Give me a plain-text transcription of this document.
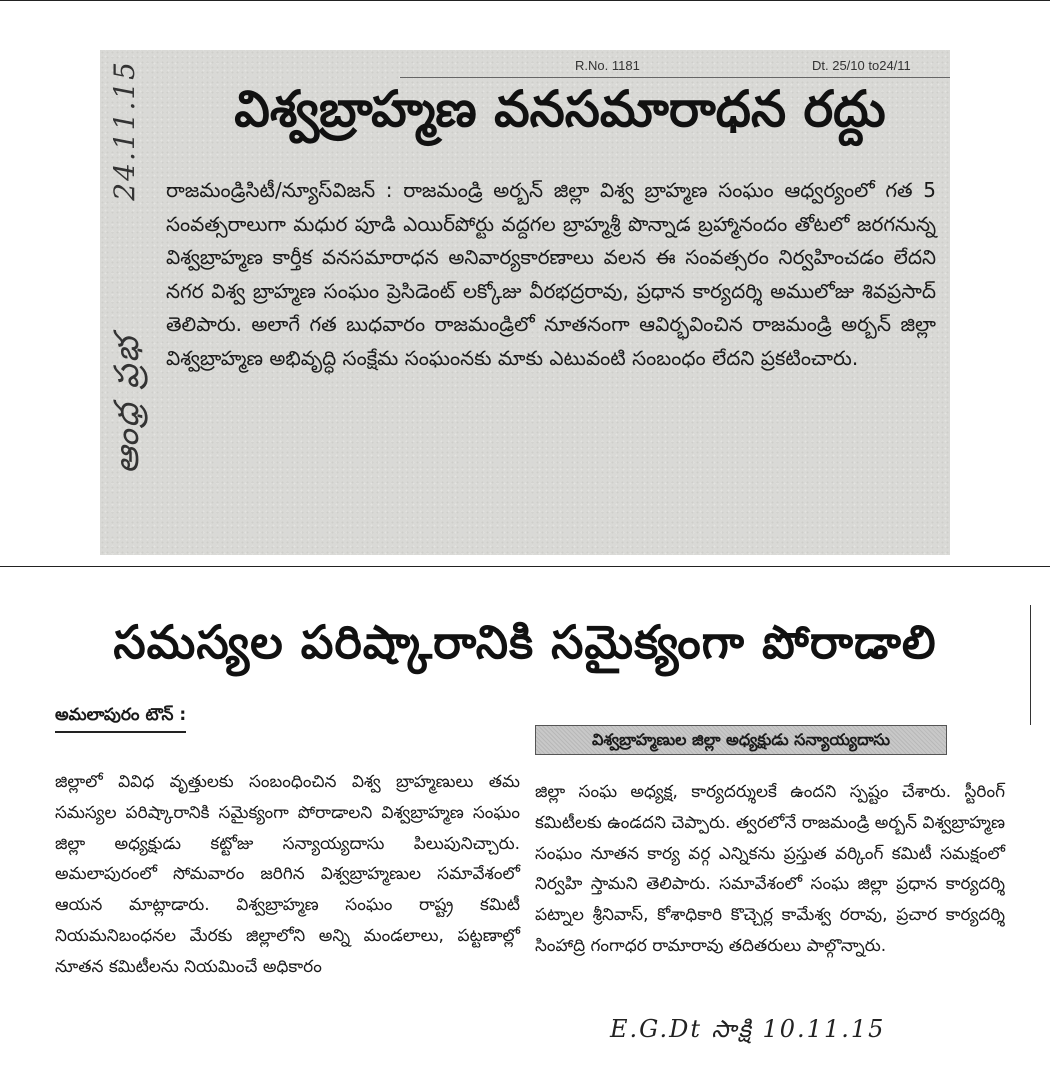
R.No. 1181	Dt. 25/10 to24/11
24.11.15
ఆంధ్ర ప్రభ
విశ్వబ్రాహ్మణ వనసమారాధన రద్దు
రాజమండ్రిసిటీ/న్యూస్‌విజన్ : రాజమండ్రి అర్బన్ జిల్లా విశ్వ బ్రాహ్మణ సంఘం ఆధ్వర్యంలో గత 5 సంవత్సరాలుగా మధుర పూడి ఎయిర్‌పోర్టు వద్దగల బ్రాహ్మశ్రీ పొన్నాడ బ్రహ్మానందం తోటలో జరగనున్న విశ్వబ్రాహ్మణ కార్తీక వనసమారాధన అనివార్యకారణాలు వలన ఈ సంవత్సరం నిర్వహించడం లేదని నగర విశ్వ బ్రాహ్మణ సంఘం ప్రెసిడెంట్ లక్కోజు వీరభద్రరావు, ప్రధాన కార్యదర్శి అములోజు శివప్రసాద్ తెలిపారు. అలాగే గత బుధవారం రాజమండ్రిలో నూతనంగా ఆవిర్భవించిన రాజమండ్రి అర్బన్ జిల్లా విశ్వబ్రాహ్మణ అభివృద్ధి సంక్షేమ సంఘంనకు మాకు ఎటువంటి సంబంధం లేదని ప్రకటించారు.
సమస్యల పరిష్కారానికి సమైక్యంగా పోరాడాలి
అమలాపురం టౌన్ :
జిల్లాలో వివిధ వృత్తులకు సంబంధించిన విశ్వ బ్రాహ్మణులు తమ సమస్యల పరిష్కారానికి సమైక్యంగా పోరాడాలని విశ్వబ్రాహ్మణ సంఘం జిల్లా అధ్యక్షుడు కట్టోజు సన్యాయ్యదాసు పిలుపునిచ్చారు. అమలాపురంలో సోమవారం జరిగిన విశ్వబ్రాహ్మణుల సమావేశంలో ఆయన మాట్లాడారు. విశ్వబ్రాహ్మణ సంఘం రాష్ట్ర కమిటీ నియమనిబంధనల మేరకు జిల్లాలోని అన్ని మండలాలు, పట్టణాల్లో నూతన కమిటీలను నియమించే అధికారం
విశ్వబ్రాహ్మణుల జిల్లా అధ్యక్షుడు సన్యాయ్యదాసు
జిల్లా సంఘ అధ్యక్ష, కార్యదర్శులకే ఉందని స్పష్టం చేశారు. స్టీరింగ్ కమిటీలకు ఉండదని చెప్పారు. త్వరలోనే రాజమండ్రి అర్బన్ విశ్వబ్రాహ్మణ సంఘం నూతన కార్య వర్గ ఎన్నికను ప్రస్తుత వర్కింగ్ కమిటీ సమక్షంలో నిర్వహి స్తామని తెలిపారు. సమావేశంలో సంఘ జిల్లా ప్రధాన కార్యదర్శి పట్నాల శ్రీనివాస్, కోశాధికారి కొచ్చెర్ల కామేశ్వ రరావు, ప్రచార కార్యదర్శి సింహాద్రి గంగాధర రామారావు తదితరులు పాల్గొన్నారు.
E.G.Dt సాక్షి 10.11.15
